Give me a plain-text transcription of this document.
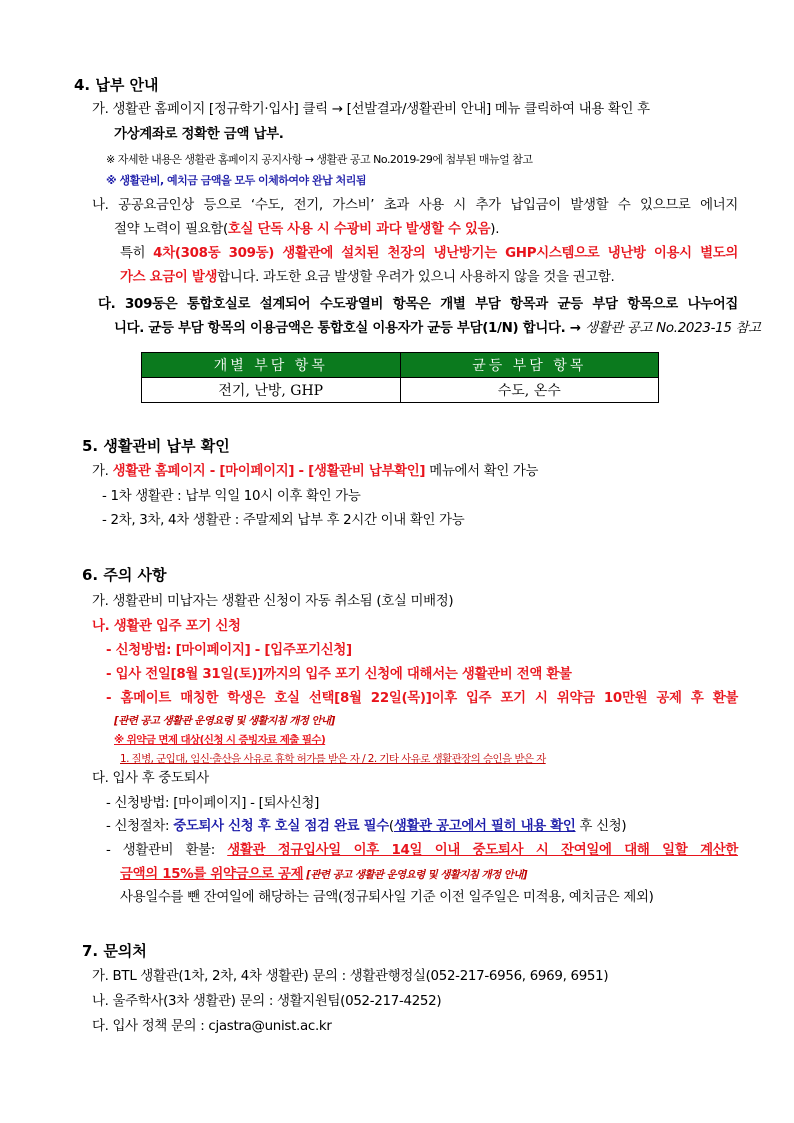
4. 납부 안내
가. 생활관 홈페이지 [정규학기·입사] 클릭 → [선발결과/생활관비 안내] 메뉴 클릭하여 내용 확인 후
가상계좌로 정확한 금액 납부.
※ 자세한 내용은 생활관 홈페이지 공지사항 → 생활관 공고 No.2019-29에 첨부된 매뉴얼 참고
※ 생활관비, 예치금 금액을 모두 이체하여야 완납 처리됨
나. 공공요금인상 등으로 ‘수도, 전기, 가스비’ 초과 사용 시 추가 납입금이 발생할 수 있으므로 에너지
절약 노력이 필요함(호실 단독 사용 시 수광비 과다 발생할 수 있음).
특히 4차(308동 309동) 생활관에 설치된 천장의 냉난방기는 GHP시스템으로 냉난방 이용시 별도의
가스 요금이 발생합니다. 과도한 요금 발생할 우려가 있으니 사용하지 않을 것을 권고함.
다. 309동은 통합호실로 설계되어 수도광열비 항목은 개별 부담 항목과 균등 부담 항목으로 나누어집
니다. 균등 부담 항목의 이용금액은 통합호실 이용자가 균등 부담(1/N) 합니다. → 생활관 공고 No.2023-15 참고
개별 부담 항목	균등 부담 항목
전기, 난방, GHP	수도, 온수
5. 생활관비 납부 확인
가. 생활관 홈페이지 - [마이페이지] - [생활관비 납부확인] 메뉴에서 확인 가능
- 1차 생활관 : 납부 익일 10시 이후 확인 가능
- 2차, 3차, 4차 생활관 : 주말제외 납부 후 2시간 이내 확인 가능
6. 주의 사항
가. 생활관비 미납자는 생활관 신청이 자동 취소됨 (호실 미배정)
나. 생활관 입주 포기 신청
- 신청방법: [마이페이지] - [입주포기신청]
- 입사 전일[8월 31일(토)]까지의 입주 포기 신청에 대해서는 생활관비 전액 환불
- 홈메이트 매칭한 학생은 호실 선택[8월 22일(목)]이후 입주 포기 시 위약금 10만원 공제 후 환불
[관련 공고 생활관 운영요령 및 생활지침 개정 안내]
※ 위약금 면제 대상(신청 시 증빙자료 제출 필수)
1. 질병, 군입대, 임신·출산을 사유로 휴학 허가를 받은 자 / 2. 기타 사유로 생활관장의 승인을 받은 자
다. 입사 후 중도퇴사
- 신청방법: [마이페이지] - [퇴사신청]
- 신청절차: 중도퇴사 신청 후 호실 점검 완료 필수(생활관 공고에서 필히 내용 확인 후 신청)
- 생활관비 환불: 생활관 정규입사일 이후 14일 이내 중도퇴사 시 잔여일에 대해 일할 계산한
금액의 15%를 위약금으로 공제 [관련 공고 생활관 운영요령 및 생활지침 개정 안내]
사용일수를 뺀 잔여일에 해당하는 금액(정규퇴사일 기준 이전 일주일은 미적용, 예치금은 제외)
7. 문의처
가. BTL 생활관(1차, 2차, 4차 생활관) 문의 : 생활관행정실(052-217-6956, 6969, 6951)
나. 울주학사(3차 생활관) 문의 : 생활지원팀(052-217-4252)
다. 입사 정책 문의 : cjastra@unist.ac.kr
